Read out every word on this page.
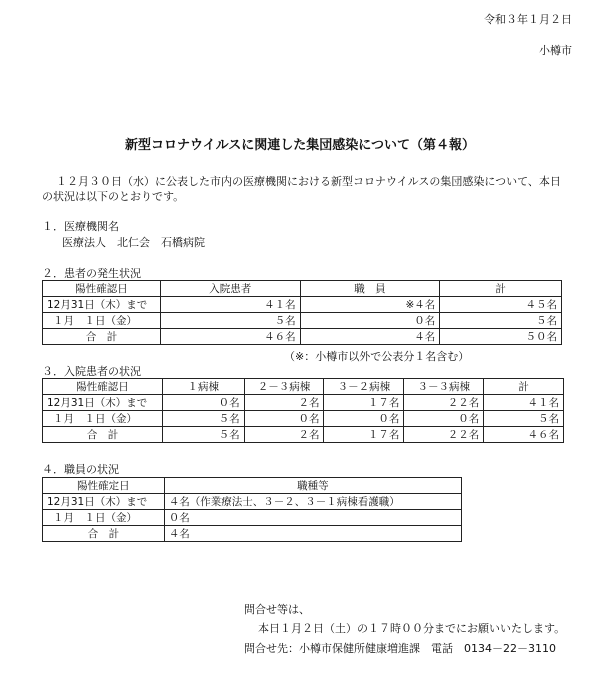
令和３年１月２日
小樽市
新型コロナウイルスに関連した集団感染について（第４報）
１２月３０日（水）に公表した市内の医療機関における新型コロナウイルスの集団感染について、本日
の状況は以下のとおりです。
１．医療機関名
医療法人　北仁会　石橋病院
２．患者の発生状況
陽性確認日	入院患者	職　員	計
12月31日（木）まで	４１名	※４名	４５名
１月　１日（金）	５名	０名	５名
合　計	４６名	４名	５０名
（※：小樽市以外で公表分１名含む）
３．入院患者の状況
陽性確認日	１病棟	２－３病棟	３－２病棟	３－３病棟	計
12月31日（木）まで	０名	２名	１７名	２２名	４１名
１月　１日（金）	５名	０名	０名	０名	５名
合　計	５名	２名	１７名	２２名	４６名
４．職員の状況
陽性確定日	職種等
12月31日（木）まで	４名（作業療法士、３－２、３－１病棟看護職）
１月　１日（金）	０名
合　計	４名
問合せ等は、
本日１月２日（土）の１７時００分までにお願いいたします。
問合せ先：小樽市保健所健康増進課　電話　0134－22－3110
